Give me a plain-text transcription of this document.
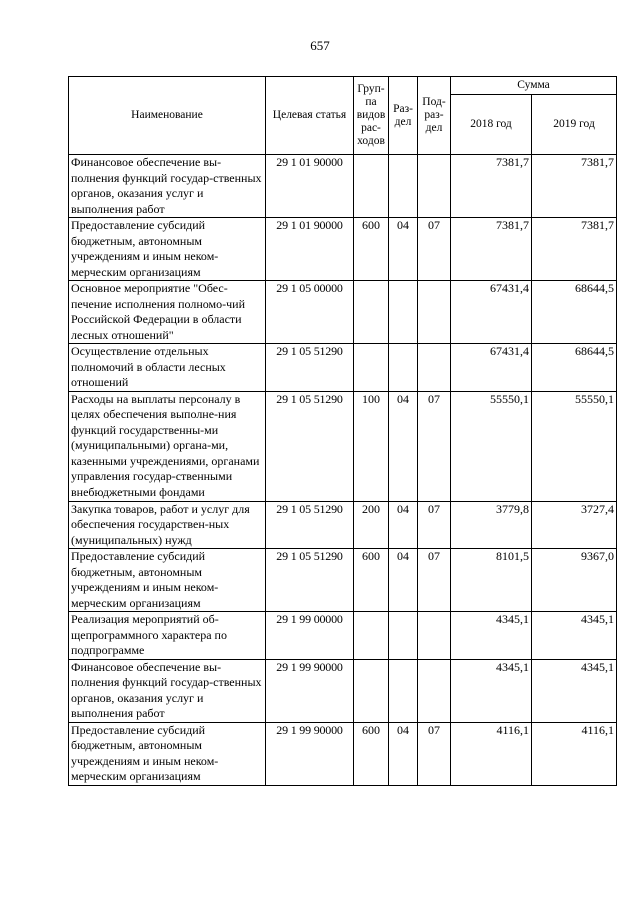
657
Наименование	Целевая статья	Груп-па видов рас-ходов	Раз-дел	Под-раз-дел	Сумма	
					2018 год	2019 год
Финансовое обеспечение вы-полнения функций государ-ственных органов, оказания услуг и выполнения работ	29 1 01 90000				7381,7	7381,7
Предоставление субсидий бюджетным, автономным учреждениям и иным неком-мерческим организациям	29 1 01 90000	600	04	07	7381,7	7381,7
Основное мероприятие "Обес-печение исполнения полномо-чий Российской Федерации в области лесных отношений"	29 1 05 00000				67431,4	68644,5
Осуществление отдельных полномочий в области лесных отношений	29 1 05 51290				67431,4	68644,5
Расходы на выплаты персоналу в целях обеспечения выполне-ния функций государственны-ми (муниципальными) органа-ми, казенными учреждениями, органами управления государ-ственными внебюджетными фондами	29 1 05 51290	100	04	07	55550,1	55550,1
Закупка товаров, работ и услуг для обеспечения государствен-ных (муниципальных) нужд	29 1 05 51290	200	04	07	3779,8	3727,4
Предоставление субсидий бюджетным, автономным учреждениям и иным неком-мерческим организациям	29 1 05 51290	600	04	07	8101,5	9367,0
Реализация мероприятий об-щепрограммного характера по подпрограмме	29 1 99 00000				4345,1	4345,1
Финансовое обеспечение вы-полнения функций государ-ственных органов, оказания услуг и выполнения работ	29 1 99 90000				4345,1	4345,1
Предоставление субсидий бюджетным, автономным учреждениям и иным неком-мерческим организациям	29 1 99 90000	600	04	07	4116,1	4116,1
